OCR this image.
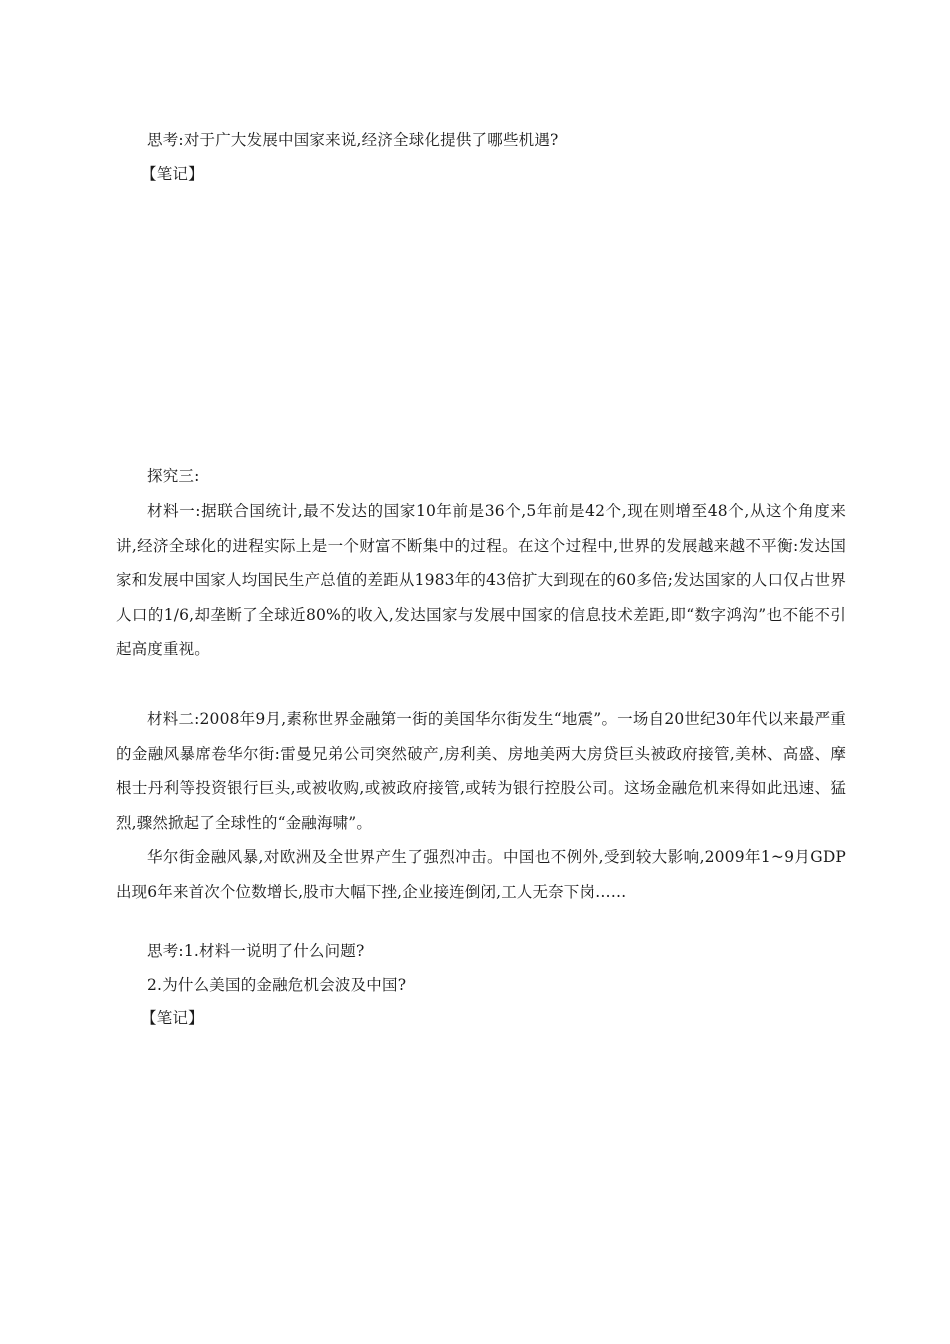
思考:对于广大发展中国家来说,经济全球化提供了哪些机遇?
【笔记】
探究三:
材料一:据联合国统计,最不发达的国家10年前是36个,5年前是42个,现在则增至48个,从这个角度来讲,经济全球化的进程实际上是一个财富不断集中的过程。在这个过程中,世界的发展越来越不平衡:发达国家和发展中国家人均国民生产总值的差距从1983年的43倍扩大到现在的60多倍;发达国家的人口仅占世界人口的1/6,却垄断了全球近80%的收入,发达国家与发展中国家的信息技术差距,即“数字鸿沟”也不能不引起高度重视。
材料二:2008年9月,素称世界金融第一街的美国华尔街发生“地震”。一场自20世纪30年代以来最严重的金融风暴席卷华尔街:雷曼兄弟公司突然破产,房利美、房地美两大房贷巨头被政府接管,美林、高盛、摩根士丹利等投资银行巨头,或被收购,或被政府接管,或转为银行控股公司。这场金融危机来得如此迅速、猛烈,骤然掀起了全球性的“金融海啸”。
华尔街金融风暴,对欧洲及全世界产生了强烈冲击。中国也不例外,受到较大影响,2009年1~9月GDP出现6年来首次个位数增长,股市大幅下挫,企业接连倒闭,工人无奈下岗……
思考:1.材料一说明了什么问题?
2.为什么美国的金融危机会波及中国?
【笔记】
